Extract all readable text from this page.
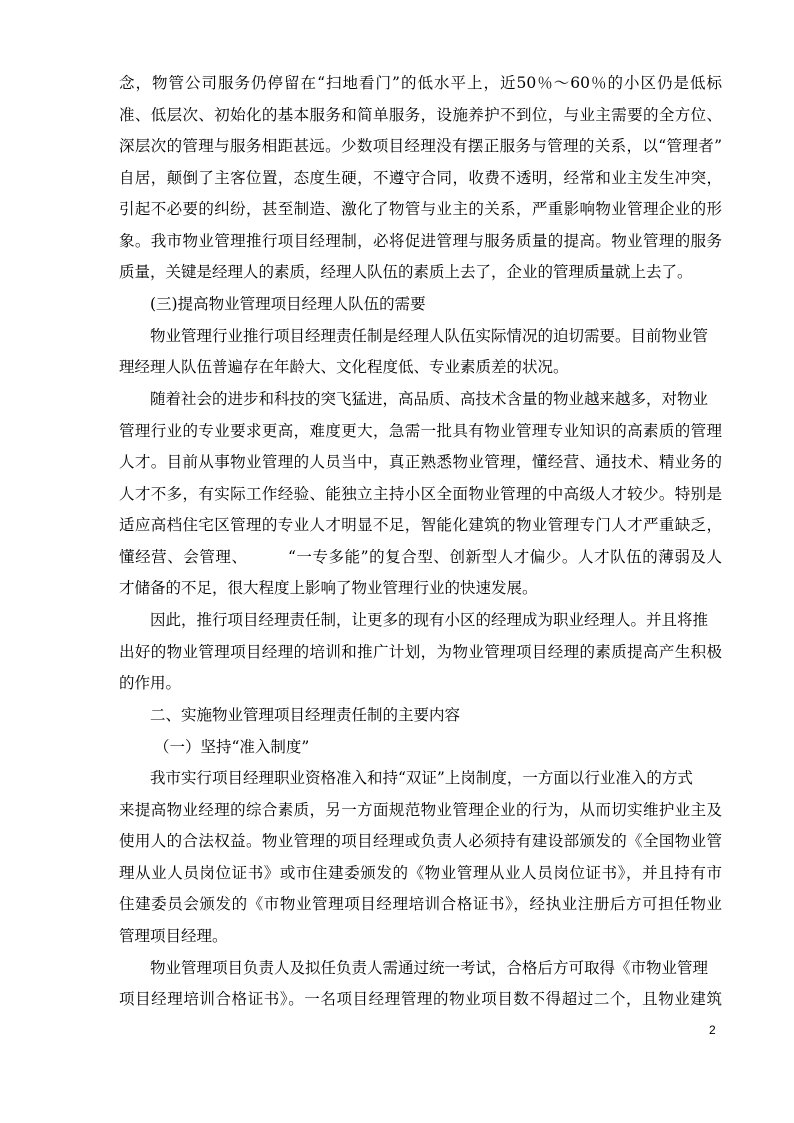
念，物管公司服务仍停留在“扫地看门”的低水平上，近50％～60％的小区仍是低标
准、低层次、初始化的基本服务和简单服务，设施养护不到位，与业主需要的全方位、
深层次的管理与服务相距甚远。少数项目经理没有摆正服务与管理的关系，以“管理者”
自居，颠倒了主客位置，态度生硬，不遵守合同，收费不透明，经常和业主发生冲突，
引起不必要的纠纷，甚至制造、激化了物管与业主的关系，严重影响物业管理企业的形
象。我市物业管理推行项目经理制，必将促进管理与服务质量的提高。物业管理的服务
质量，关键是经理人的素质，经理人队伍的素质上去了，企业的管理质量就上去了。
(三)提高物业管理项目经理人队伍的需要
物业管理行业推行项目经理责任制是经理人队伍实际情况的迫切需要。目前物业管
理经理人队伍普遍存在年龄大、文化程度低、专业素质差的状况。
随着社会的进步和科技的突飞猛进，高品质、高技术含量的物业越来越多，对物业
管理行业的专业要求更高，难度更大，急需一批具有物业管理专业知识的高素质的管理
人才。目前从事物业管理的人员当中，真正熟悉物业管理，懂经营、通技术、精业务的
人才不多，有实际工作经验、能独立主持小区全面物业管理的中高级人才较少。特别是
适应高档住宅区管理的专业人才明显不足，智能化建筑的物业管理专门人才严重缺乏，
懂经营、会管理、　　　“一专多能”的复合型、创新型人才偏少。人才队伍的薄弱及人
才储备的不足，很大程度上影响了物业管理行业的快速发展。
因此，推行项目经理责任制，让更多的现有小区的经理成为职业经理人。并且将推
出好的物业管理项目经理的培训和推广计划，为物业管理项目经理的素质提高产生积极
的作用。
二、实施物业管理项目经理责任制的主要内容
（一）坚持“准入制度”
我市实行项目经理职业资格准入和持“双证”上岗制度，一方面以行业准入的方式
来提高物业经理的综合素质，另一方面规范物业管理企业的行为，从而切实维护业主及
使用人的合法权益。物业管理的项目经理或负责人必须持有建设部颁发的《全国物业管
理从业人员岗位证书》或市住建委颁发的《物业管理从业人员岗位证书》，并且持有市
住建委员会颁发的《市物业管理项目经理培训合格证书》，经执业注册后方可担任物业
管理项目经理。
物业管理项目负责人及拟任负责人需通过统一考试，合格后方可取得《市物业管理
项目经理培训合格证书》。一名项目经理管理的物业项目数不得超过二个，且物业建筑
2
